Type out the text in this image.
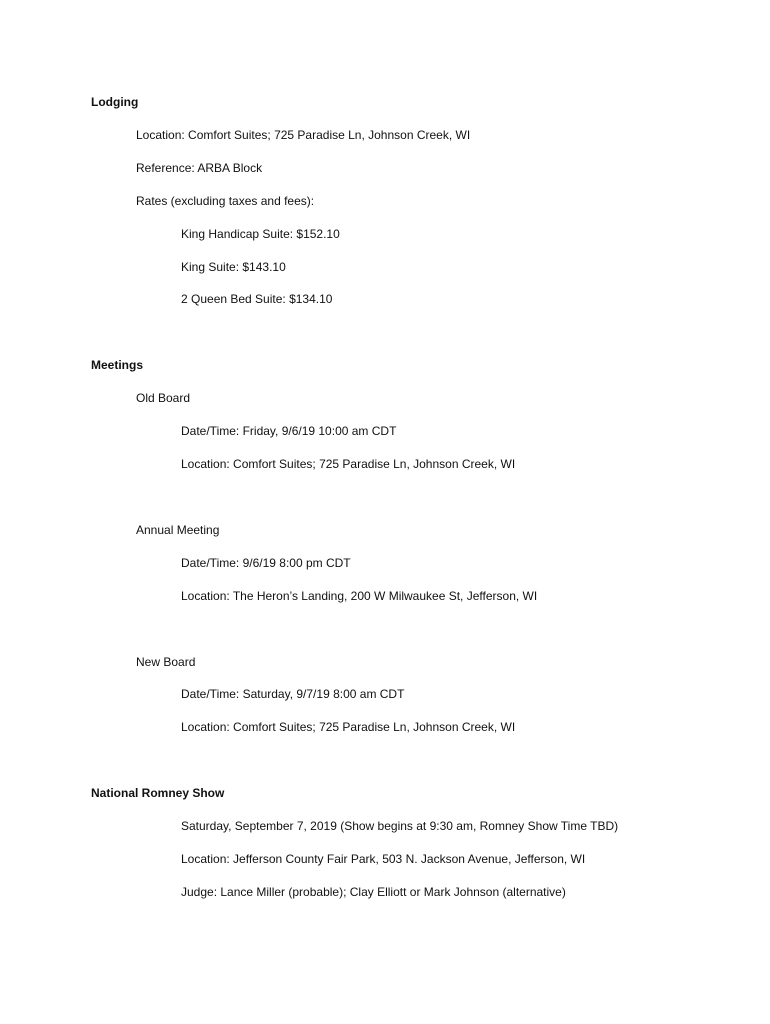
Lodging
Location: Comfort Suites; 725 Paradise Ln, Johnson Creek, WI
Reference: ARBA Block
Rates (excluding taxes and fees):
King Handicap Suite: $152.10
King Suite: $143.10
2 Queen Bed Suite: $134.10
Meetings
Old Board
Date/Time: Friday, 9/6/19 10:00 am CDT
Location: Comfort Suites; 725 Paradise Ln, Johnson Creek, WI
Annual Meeting
Date/Time: 9/6/19 8:00 pm CDT
Location: The Heron’s Landing, 200 W Milwaukee St, Jefferson, WI
New Board
Date/Time: Saturday, 9/7/19 8:00 am CDT
Location: Comfort Suites; 725 Paradise Ln, Johnson Creek, WI
National Romney Show
Saturday, September 7, 2019 (Show begins at 9:30 am, Romney Show Time TBD)
Location: Jefferson County Fair Park, 503 N. Jackson Avenue, Jefferson, WI
Judge: Lance Miller (probable); Clay Elliott or Mark Johnson (alternative)
